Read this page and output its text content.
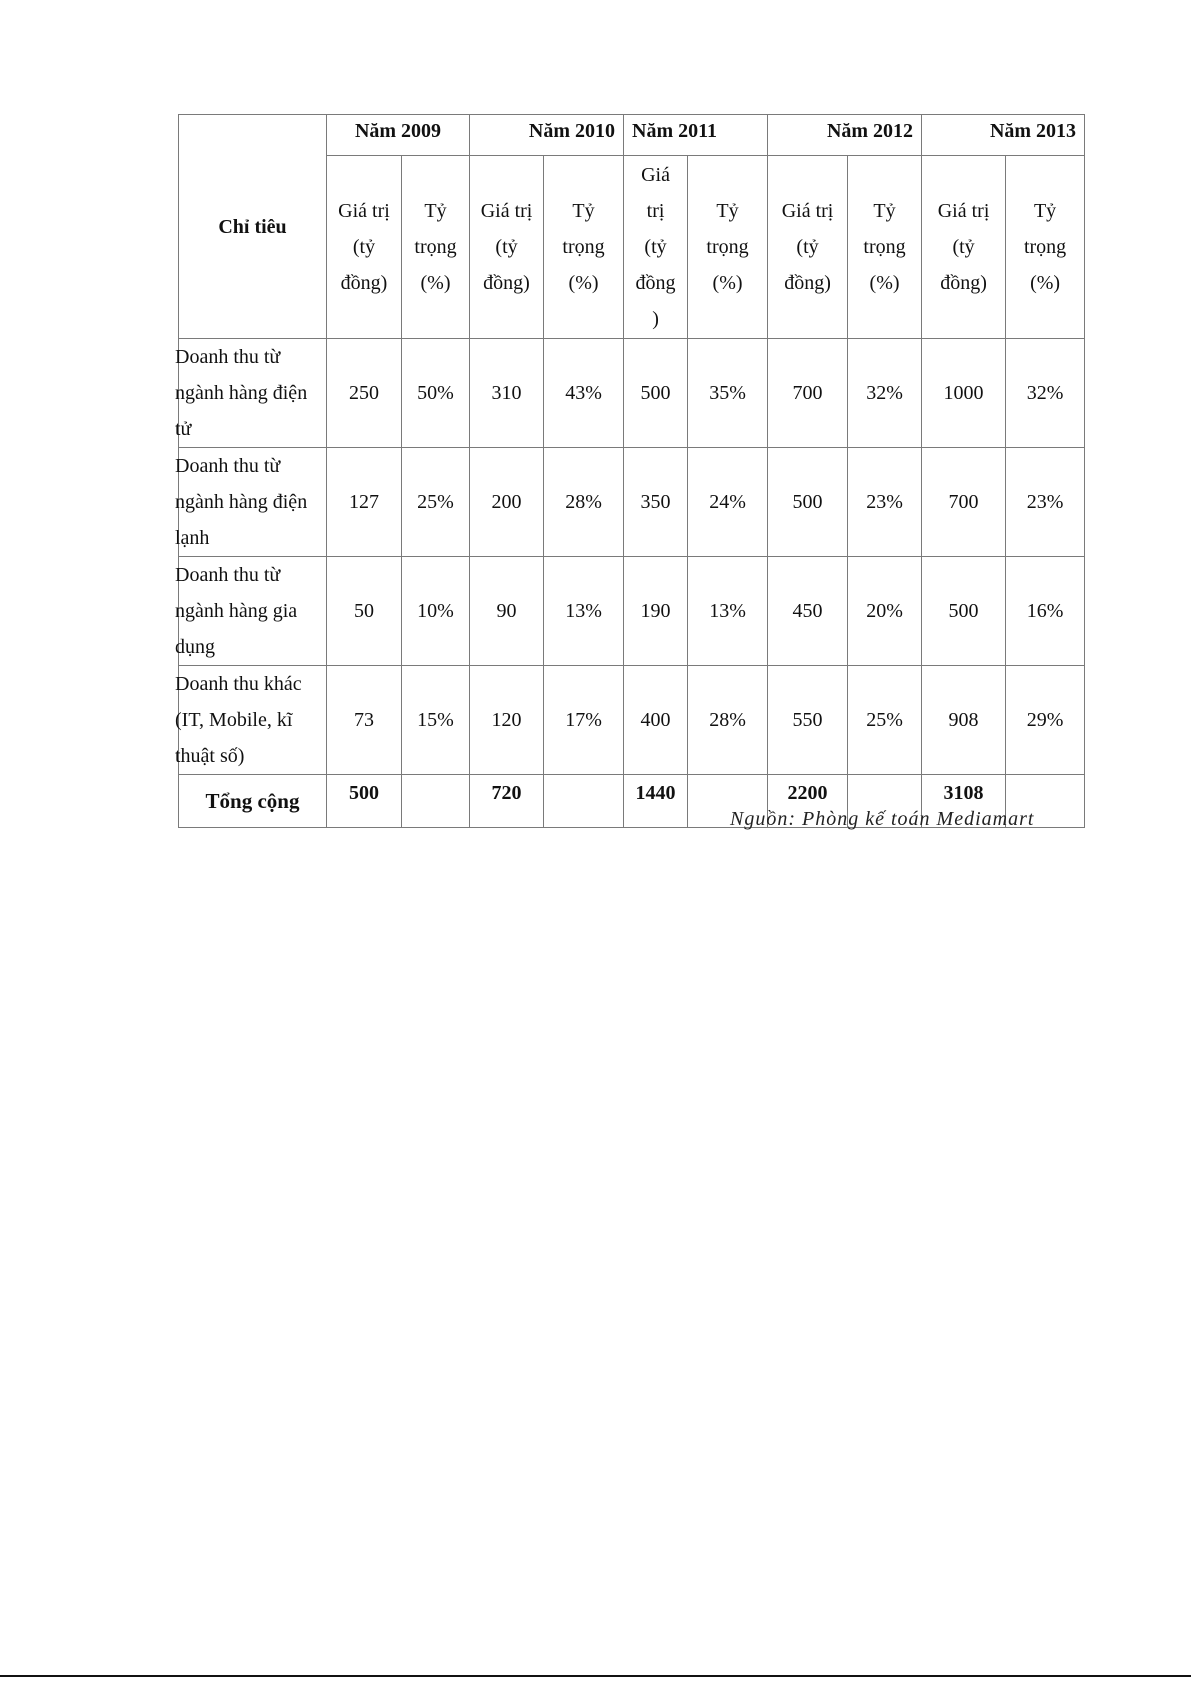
Chỉ tiêu	Năm 2009		Năm 2010		Năm 2011		Năm 2012		Năm 2013	
	Giá trị
(tỷ
đồng)	Tỷ
trọng
(%)	Giá trị
(tỷ
đồng)	Tỷ
trọng
(%)	Giá
trị
(tỷ
đồng
)	Tỷ
trọng
(%)	Giá trị
(tỷ
đồng)	Tỷ
trọng
(%)	Giá trị
(tỷ
đồng)	Tỷ
trọng
(%)

Doanh thu từ
ngành hàng điện
tử	250	50%	310	43%	500	35%	700	32%	1000	32%

Doanh thu từ
ngành hàng điện
lạnh	127	25%	200	28%	350	24%	500	23%	700	23%

Doanh thu từ
ngành hàng gia
dụng	50	10%	90	13%	190	13%	450	20%	500	16%

Doanh thu khác
(IT, Mobile, kĩ
thuật số)	73	15%	120	17%	400	28%	550	25%	908	29%
Tổng cộng	500		720		1440		2200		3108	
Nguồn: Phòng kế toán Mediamart
